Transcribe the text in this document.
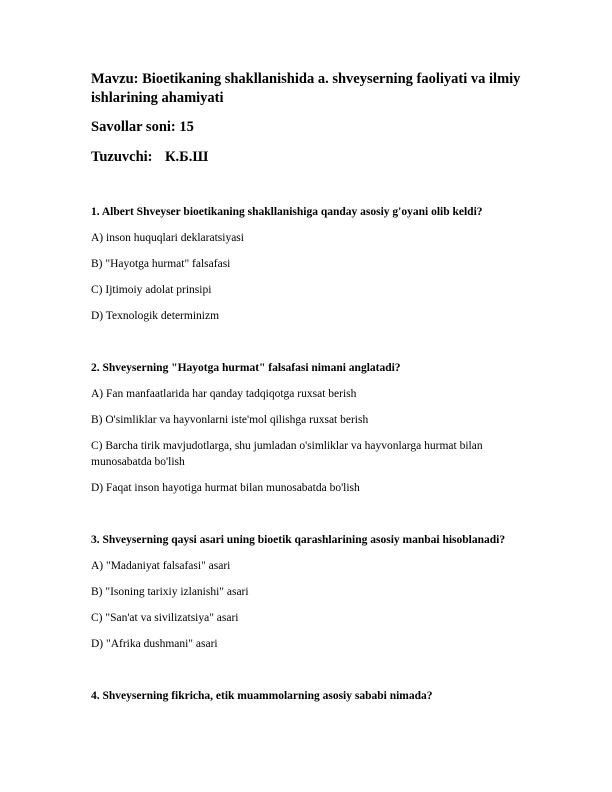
Mavzu: Bioetikaning shakllanishida a. shveyserning faoliyati va ilmiy ishlarining ahamiyati

Savollar soni: 15

Tuzuvchi: К.Б.Ш

1. Albert Shveyser bioetikaning shakllanishiga qanday asosiy g'oyani olib keldi?

A) inson huquqlari deklaratsiyasi

B) "Hayotga hurmat" falsafasi

C) Ijtimoiy adolat prinsipi

D) Texnologik determinizm

2. Shveyserning "Hayotga hurmat" falsafasi nimani anglatadi?

A) Fan manfaatlarida har qanday tadqiqotga ruxsat berish

B) O'simliklar va hayvonlarni iste'mol qilishga ruxsat berish

C) Barcha tirik mavjudotlarga, shu jumladan o'simliklar va hayvonlarga hurmat bilan munosabatda bo'lish

D) Faqat inson hayotiga hurmat bilan munosabatda bo'lish

3. Shveyserning qaysi asari uning bioetik qarashlarining asosiy manbai hisoblanadi?

A) "Madaniyat falsafasi" asari

B) "Isoning tarixiy izlanishi" asari

C) "San'at va sivilizatsiya" asari

D) "Afrika dushmani" asari

4. Shveyserning fikricha, etik muammolarning asosiy sababi nimada?
